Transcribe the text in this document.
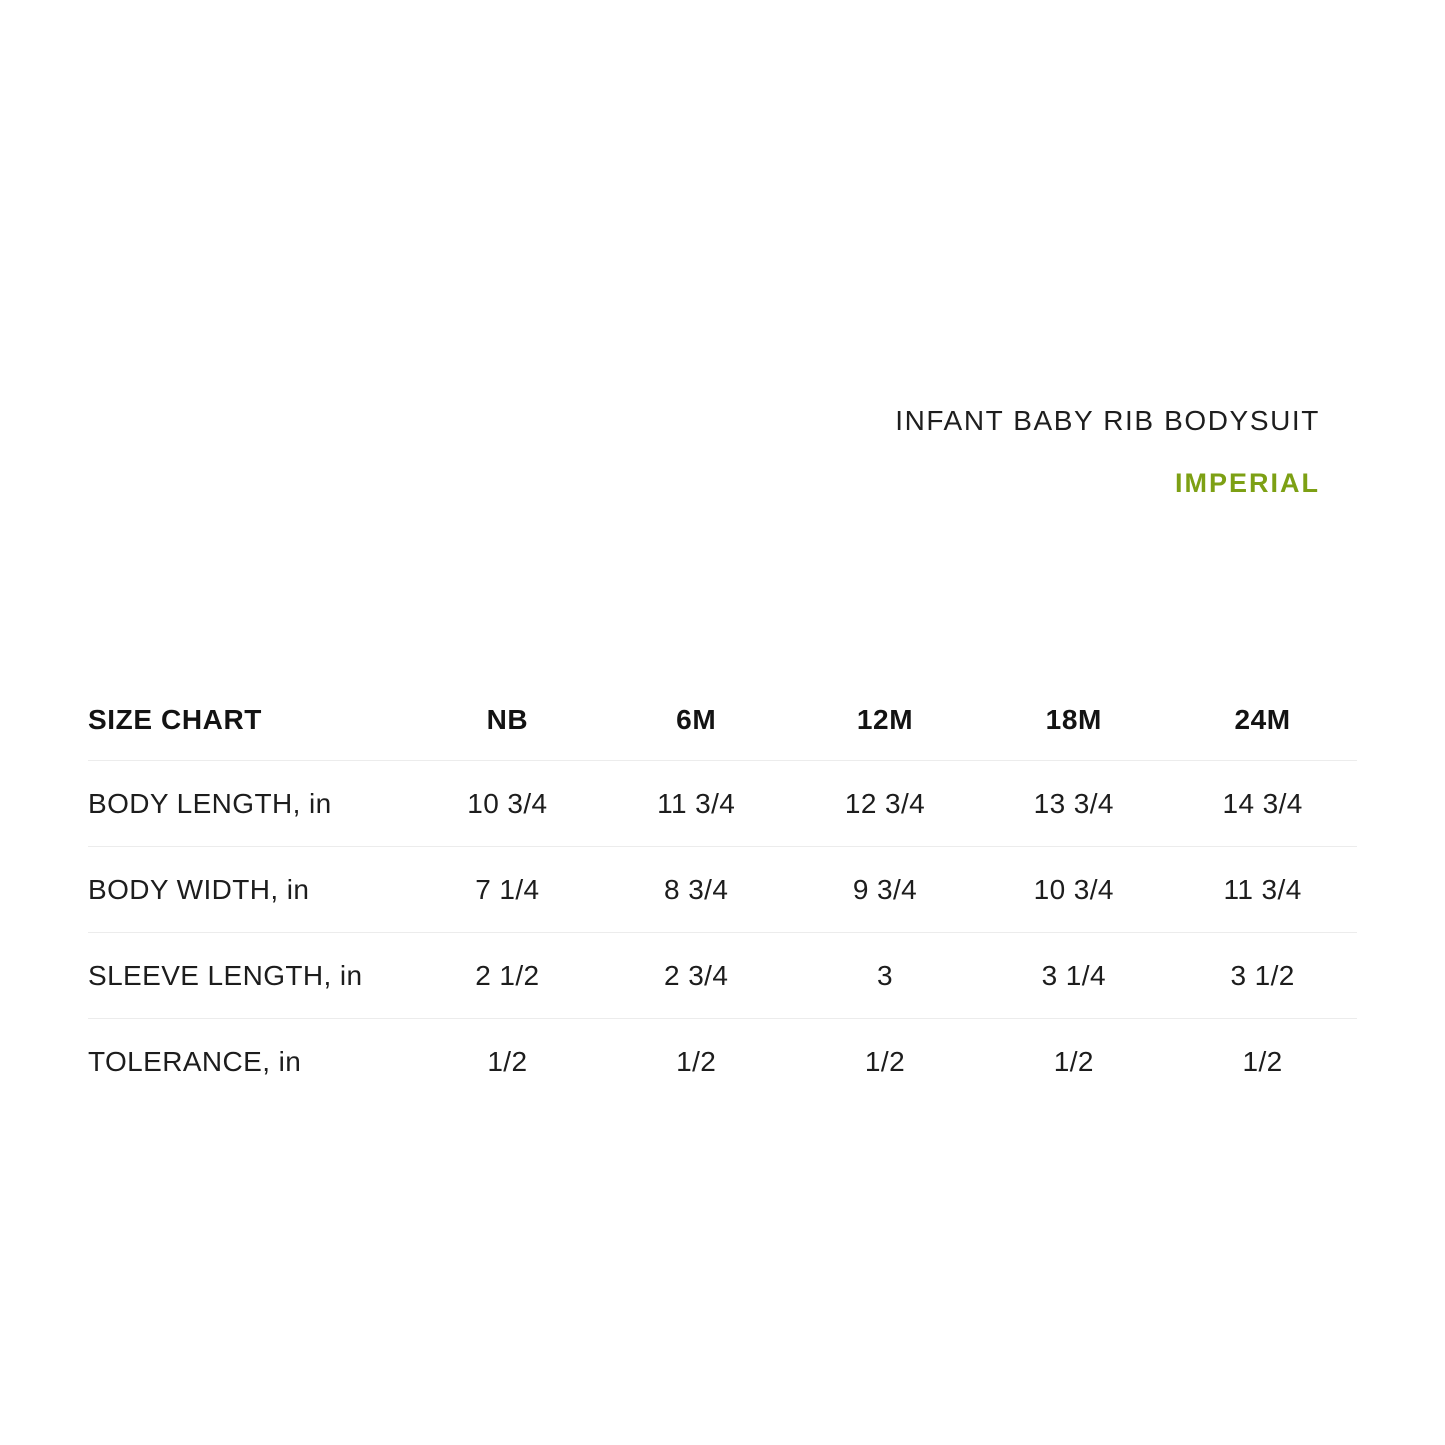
INFANT BABY RIB BODYSUIT
IMPERIAL
SIZE CHART	NB	6M	12M	18M	24M
BODY LENGTH, in	10 3/4	11 3/4	12 3/4	13 3/4	14 3/4
BODY WIDTH, in	7 1/4	8 3/4	9 3/4	10 3/4	11 3/4
SLEEVE LENGTH, in	2 1/2	2 3/4	3	3 1/4	3 1/2
TOLERANCE, in	1/2	1/2	1/2	1/2	1/2
